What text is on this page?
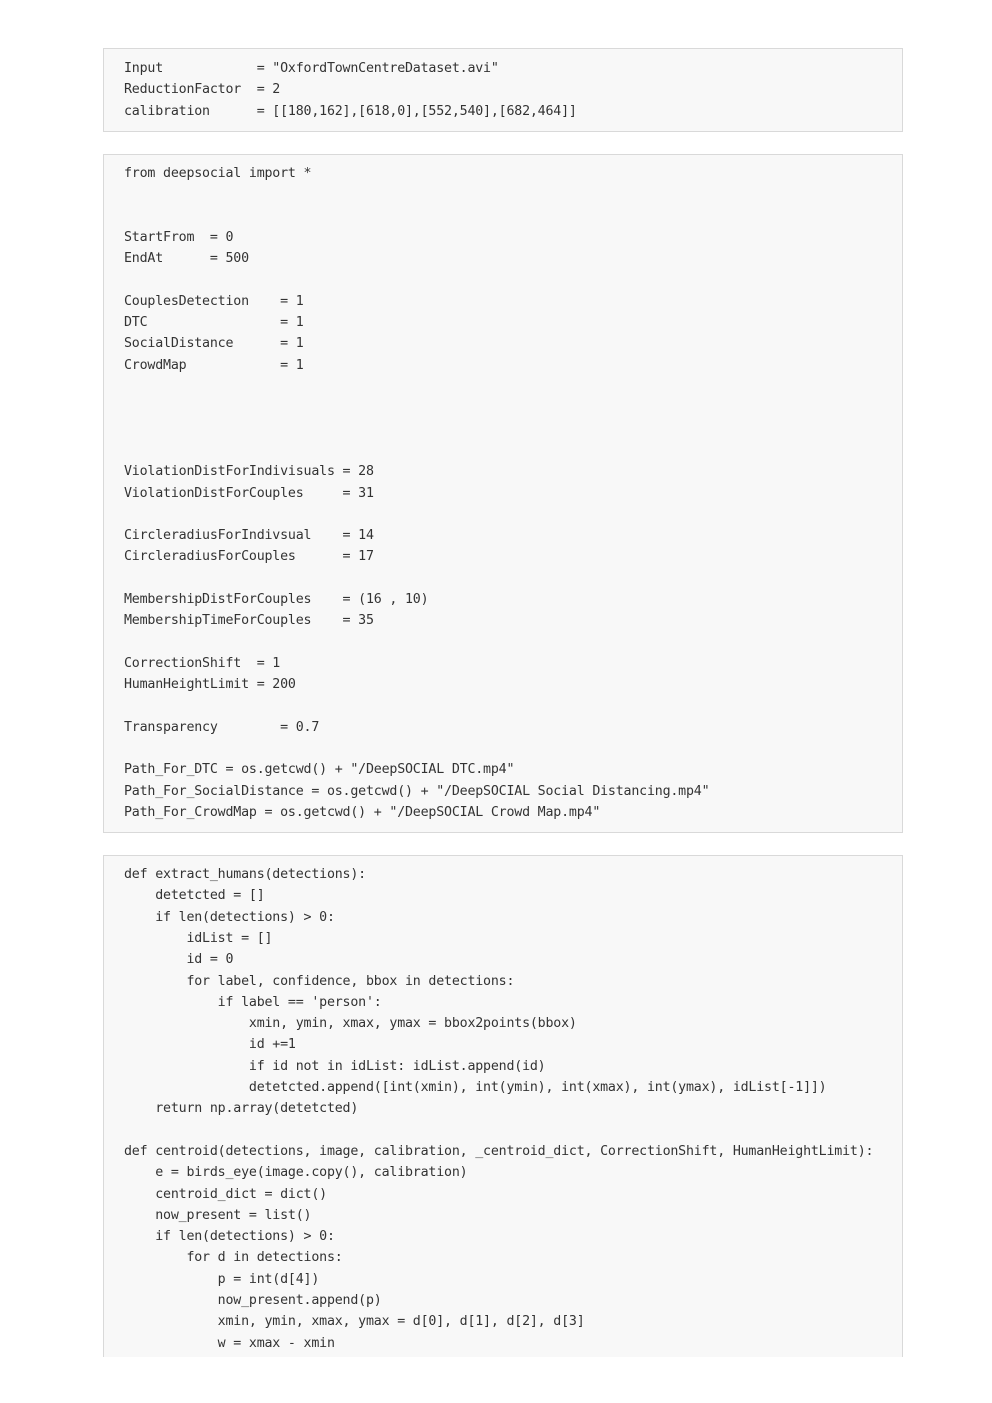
Input            = "OxfordTownCentreDataset.avi"
ReductionFactor  = 2
calibration      = [[180,162],[618,0],[552,540],[682,464]]
from deepsocial import *
StartFrom  = 0
EndAt      = 500
CouplesDetection    = 1
DTC                 = 1
SocialDistance      = 1
CrowdMap            = 1
ViolationDistForIndivisuals = 28
ViolationDistForCouples     = 31
CircleradiusForIndivsual    = 14
CircleradiusForCouples      = 17
MembershipDistForCouples    = (16 , 10)
MembershipTimeForCouples    = 35
CorrectionShift  = 1
HumanHeightLimit = 200
Transparency        = 0.7
Path_For_DTC = os.getcwd() + "/DeepSOCIAL DTC.mp4"
Path_For_SocialDistance = os.getcwd() + "/DeepSOCIAL Social Distancing.mp4"
Path_For_CrowdMap = os.getcwd() + "/DeepSOCIAL Crowd Map.mp4"
def extract_humans(detections):
detetcted = []
if len(detections) > 0:
idList = []
id = 0
for label, confidence, bbox in detections:
if label == 'person':
xmin, ymin, xmax, ymax = bbox2points(bbox)
id +=1
if id not in idList: idList.append(id)
detetcted.append([int(xmin), int(ymin), int(xmax), int(ymax), idList[-1]])
return np.array(detetcted)
def centroid(detections, image, calibration, _centroid_dict, CorrectionShift, HumanHeightLimit):
e = birds_eye(image.copy(), calibration)
centroid_dict = dict()
now_present = list()
if len(detections) > 0:
for d in detections:
p = int(d[4])
now_present.append(p)
xmin, ymin, xmax, ymax = d[0], d[1], d[2], d[3]
w = xmax - xmin
